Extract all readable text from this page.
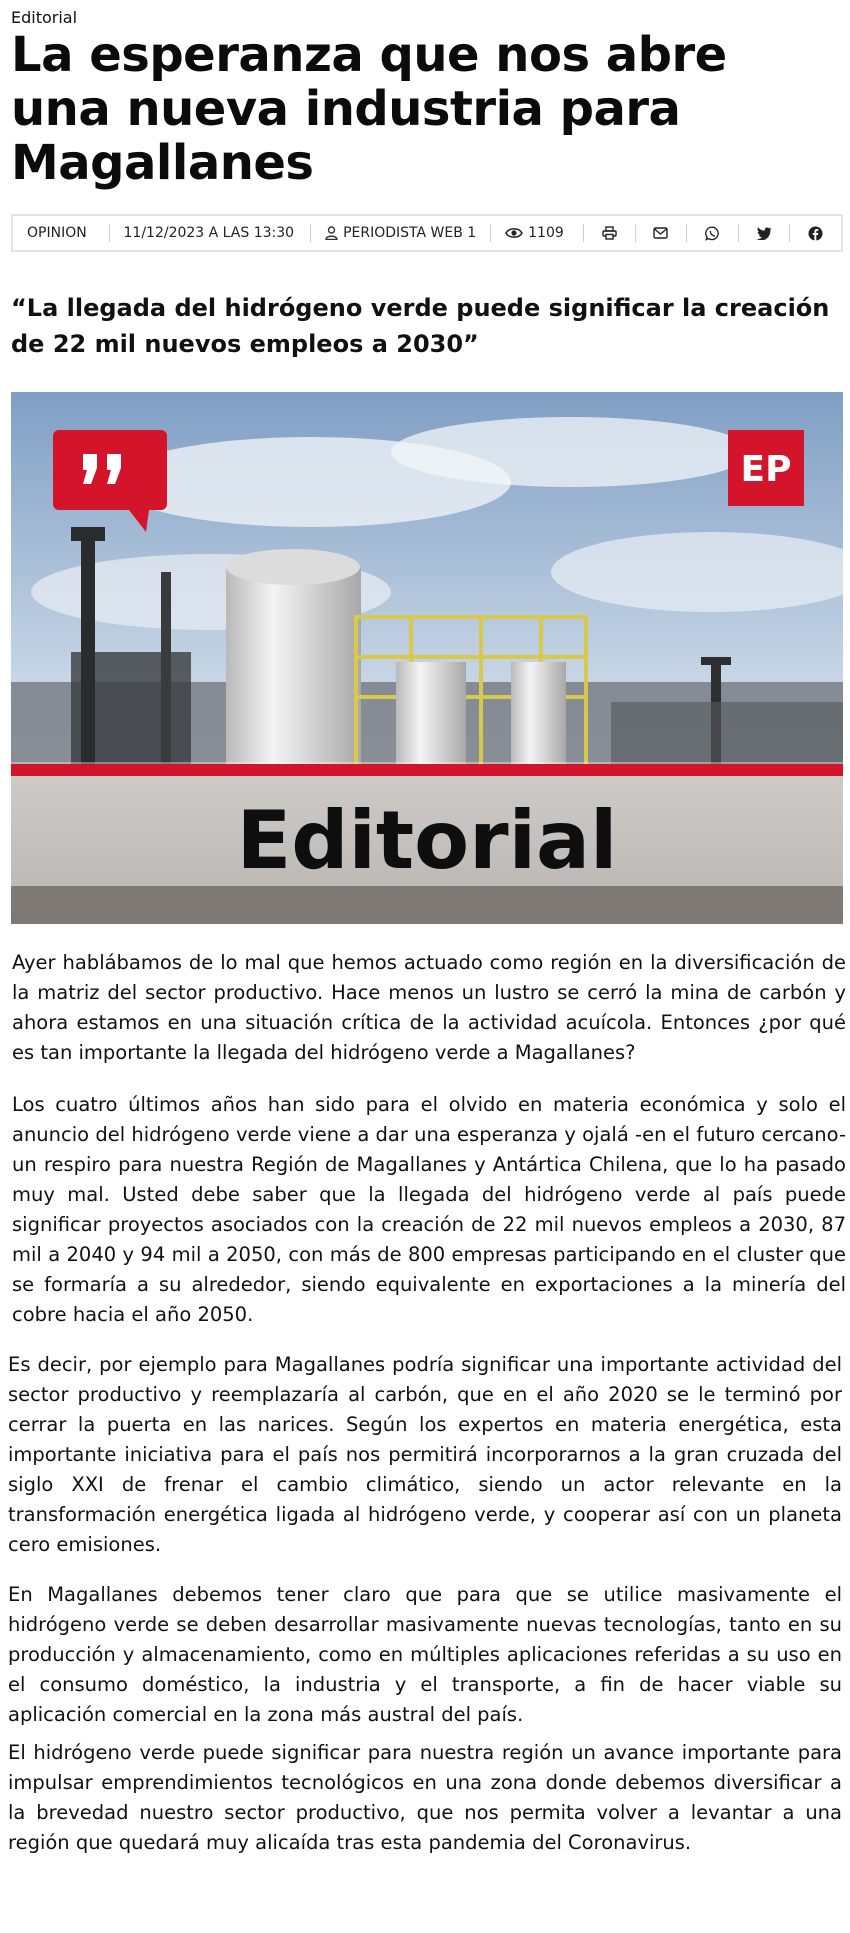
Editorial
La esperanza que nos abre una nueva industria para Magallanes
OPINION	11/12/2023 A LAS 13:30	PERIODISTA WEB 1	1109
“La llegada del hidrógeno verde puede significar la creación de 22 mil nuevos empleos a 2030”
EP
Editorial

Ayer hablábamos de lo mal que hemos actuado como región en la diversificación de la matriz del sector productivo. Hace menos un lustro se cerró la mina de carbón y ahora estamos en una situación crítica de la actividad acuícola. Entonces ¿por qué es tan importante la llegada del hidrógeno verde a Magallanes?

Los cuatro últimos años han sido para el olvido en materia económica y solo el anuncio del hidrógeno verde viene a dar una esperanza y ojalá -en el futuro cercano- un respiro para nuestra Región de Magallanes y Antártica Chilena, que lo ha pasado muy mal. Usted debe saber que la llegada del hidrógeno verde al país puede significar proyectos asociados con la creación de 22 mil nuevos empleos a 2030, 87 mil a 2040 y 94 mil a 2050, con más de 800 empresas participando en el cluster que se formaría a su alrededor, siendo equivalente en exportaciones a la minería del cobre hacia el año 2050.

Es decir, por ejemplo para Magallanes podría significar una importante actividad del sector productivo y reemplazaría al carbón, que en el año 2020 se le terminó por cerrar la puerta en las narices. Según los expertos en materia energética, esta importante iniciativa para el país nos permitirá incorporarnos a la gran cruzada del siglo XXI de frenar el cambio climático, siendo un actor relevante en la transformación energética ligada al hidrógeno verde, y cooperar así con un planeta cero emisiones.

En Magallanes debemos tener claro que para que se utilice masivamente el hidrógeno verde se deben desarrollar masivamente nuevas tecnologías, tanto en su producción y almacenamiento, como en múltiples aplicaciones referidas a su uso en el consumo doméstico, la industria y el transporte, a fin de hacer viable su aplicación comercial en la zona más austral del país.

El hidrógeno verde puede significar para nuestra región un avance importante para impulsar emprendimientos tecnológicos en una zona donde debemos diversificar a la brevedad nuestro sector productivo, que nos permita volver a levantar a una región que quedará muy alicaída tras esta pandemia del Coronavirus.
